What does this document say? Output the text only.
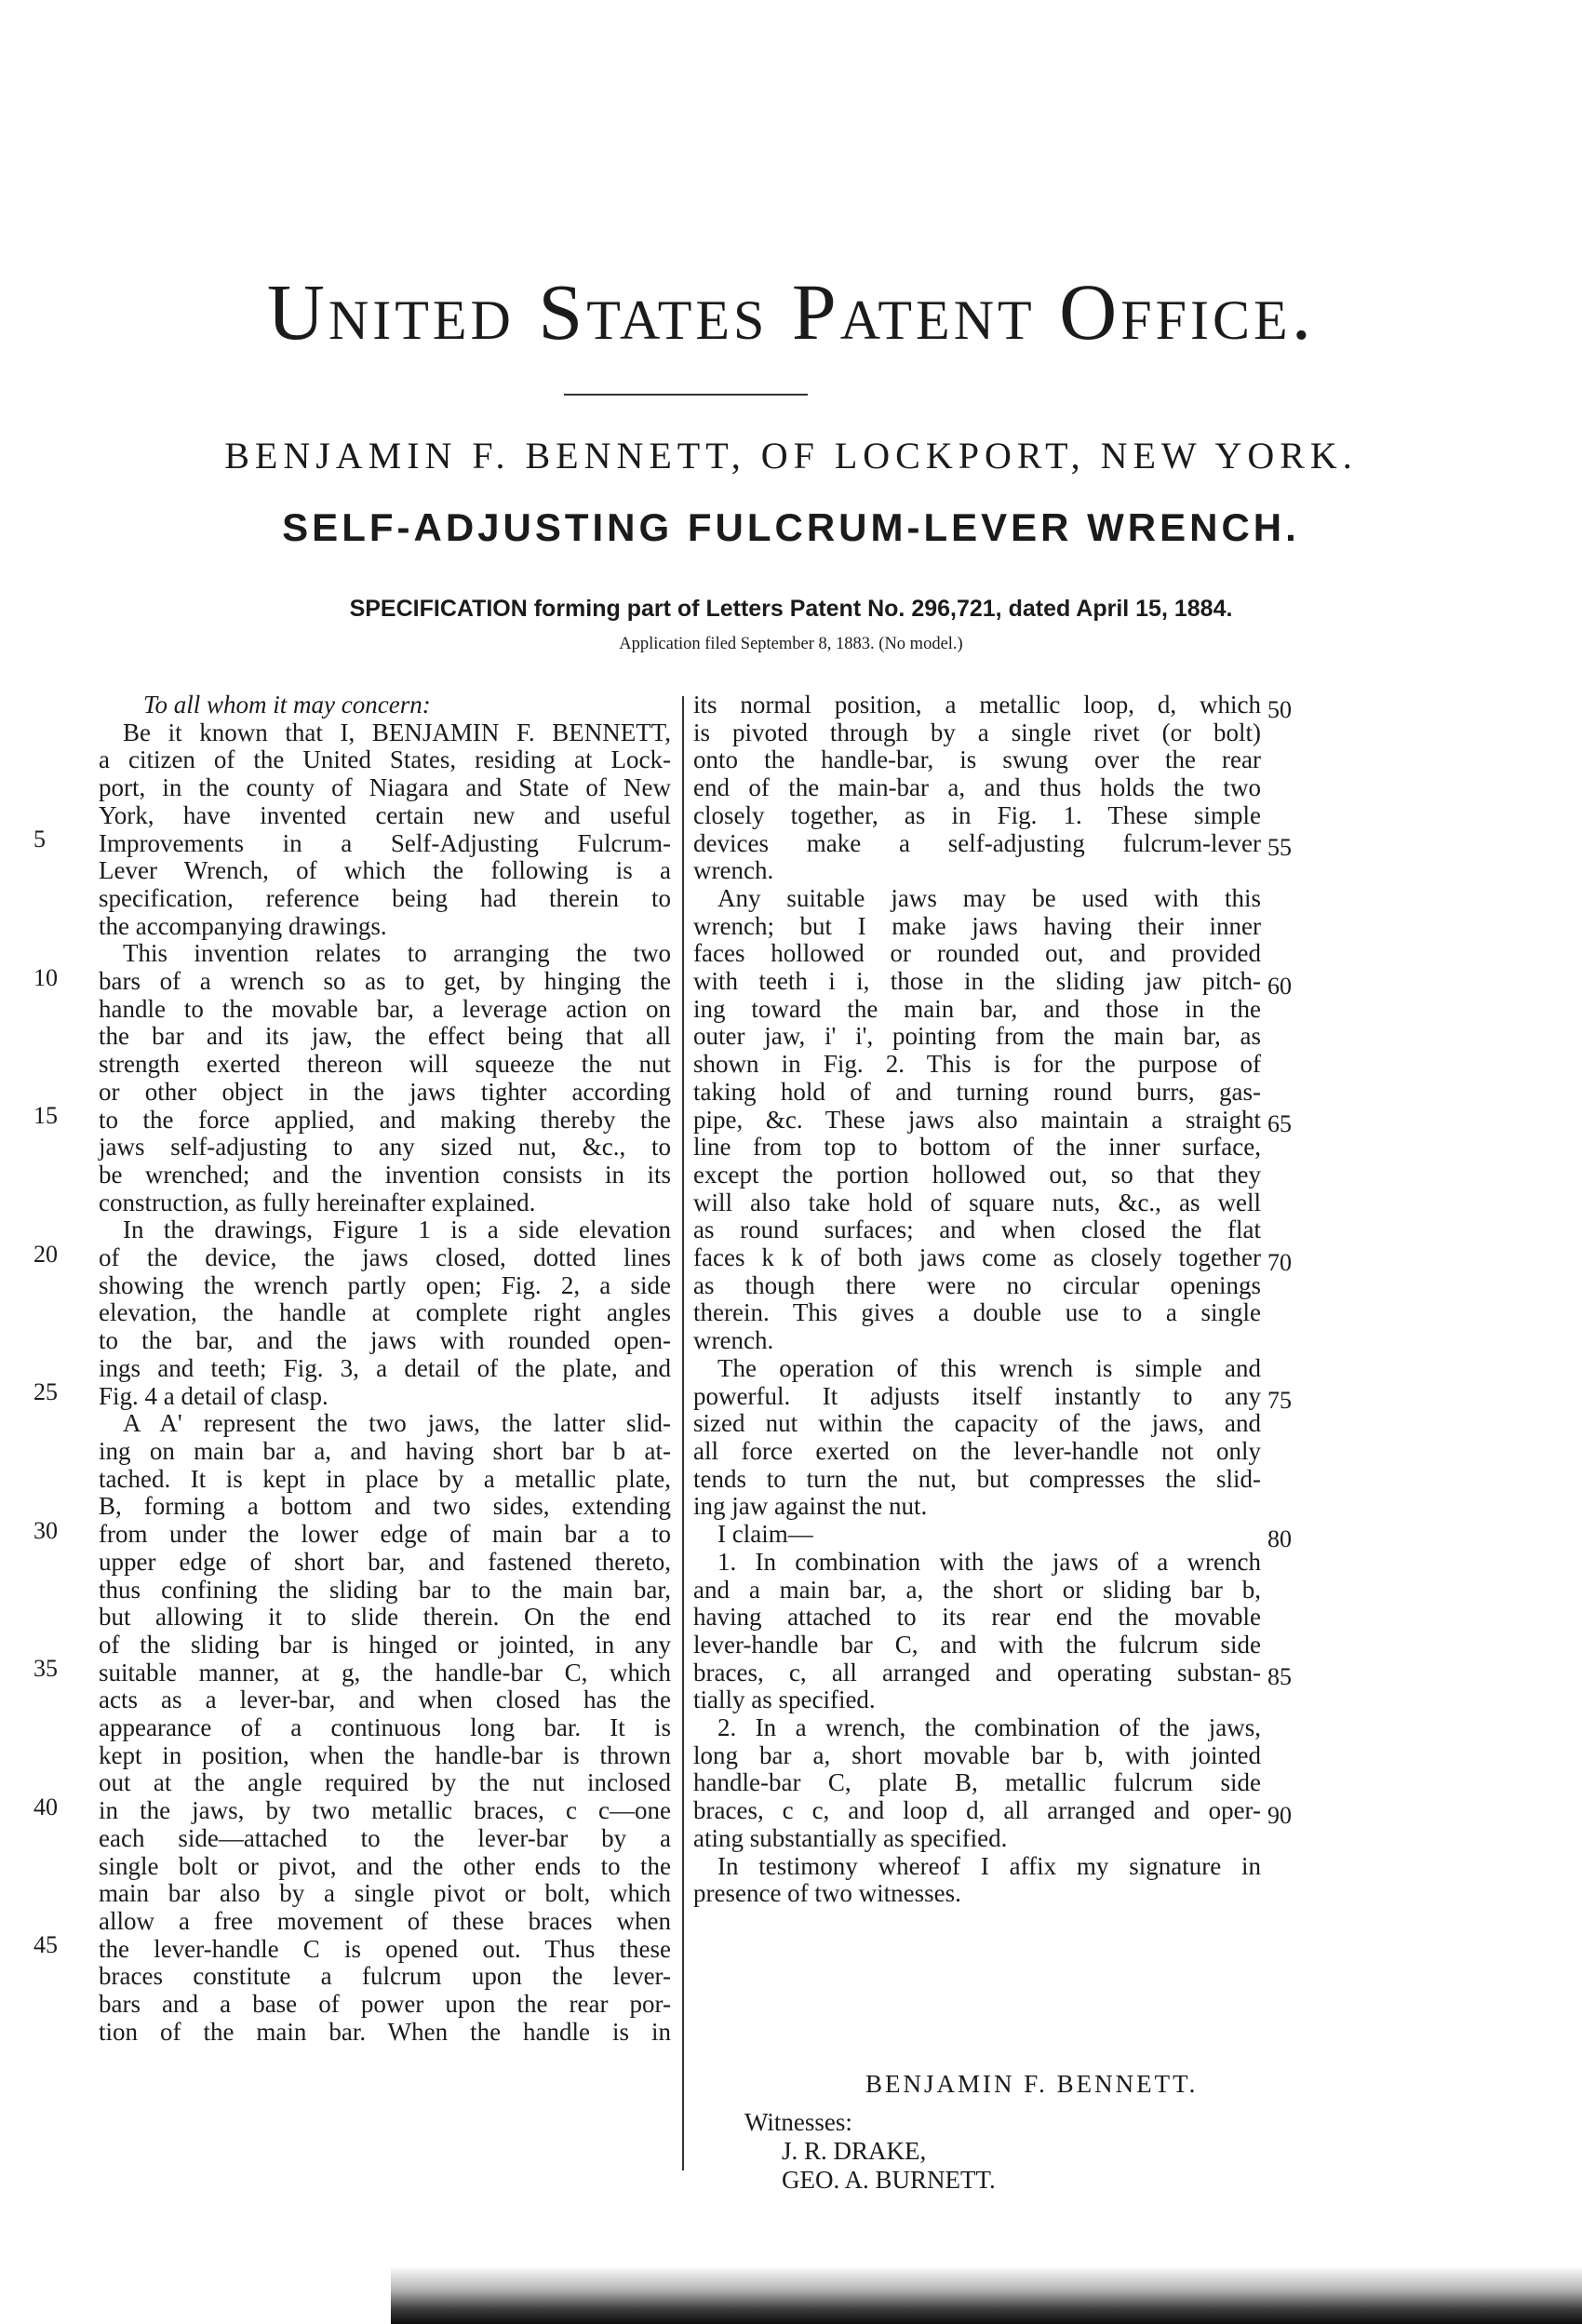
United States Patent Office.
BENJAMIN F. BENNETT, OF LOCKPORT, NEW YORK.
SELF-ADJUSTING FULCRUM-LEVER WRENCH.
SPECIFICATION forming part of Letters Patent No. 296,721, dated April 15, 1884.
Application filed September 8, 1883. (No model.)
To all whom it may concern:
Be it known that I, BENJAMIN F. BENNETT,
a citizen of the United States, residing at Lock-
port, in the county of Niagara and State of New
York, have invented certain new and useful
Improvements in a Self-Adjusting Fulcrum-
Lever Wrench, of which the following is a
specification, reference being had therein to
the accompanying drawings.
This invention relates to arranging the two
bars of a wrench so as to get, by hinging the
handle to the movable bar, a leverage action on
the bar and its jaw, the effect being that all
strength exerted thereon will squeeze the nut
or other object in the jaws tighter according
to the force applied, and making thereby the
jaws self-adjusting to any sized nut, &c., to
be wrenched; and the invention consists in its
construction, as fully hereinafter explained.
In the drawings, Figure 1 is a side elevation
of the device, the jaws closed, dotted lines
showing the wrench partly open; Fig. 2, a side
elevation, the handle at complete right angles
to the bar, and the jaws with rounded open-
ings and teeth; Fig. 3, a detail of the plate, and
Fig. 4 a detail of clasp.
A A' represent the two jaws, the latter slid-
ing on main bar a, and having short bar b at-
tached. It is kept in place by a metallic plate,
B, forming a bottom and two sides, extending
from under the lower edge of main bar a to
upper edge of short bar, and fastened thereto,
thus confining the sliding bar to the main bar,
but allowing it to slide therein. On the end
of the sliding bar is hinged or jointed, in any
suitable manner, at g, the handle-bar C, which
acts as a lever-bar, and when closed has the
appearance of a continuous long bar. It is
kept in position, when the handle-bar is thrown
out at the angle required by the nut inclosed
in the jaws, by two metallic braces, c c—one
each side—attached to the lever-bar by a
single bolt or pivot, and the other ends to the
main bar also by a single pivot or bolt, which
allow a free movement of these braces when
the lever-handle C is opened out. Thus these
braces constitute a fulcrum upon the lever-
bars and a base of power upon the rear por-
tion of the main bar. When the handle is in
5
10
15
20
25
30
35
40
45
its normal position, a metallic loop, d, which
is pivoted through by a single rivet (or bolt)
onto the handle-bar, is swung over the rear
end of the main-bar a, and thus holds the two
closely together, as in Fig. 1. These simple
devices make a self-adjusting fulcrum-lever
wrench.
Any suitable jaws may be used with this
wrench; but I make jaws having their inner
faces hollowed or rounded out, and provided
with teeth i i, those in the sliding jaw pitch-
ing toward the main bar, and those in the
outer jaw, i' i', pointing from the main bar, as
shown in Fig. 2. This is for the purpose of
taking hold of and turning round burrs, gas-
pipe, &c. These jaws also maintain a straight
line from top to bottom of the inner surface,
except the portion hollowed out, so that they
will also take hold of square nuts, &c., as well
as round surfaces; and when closed the flat
faces k k of both jaws come as closely together
as though there were no circular openings
therein. This gives a double use to a single
wrench.
The operation of this wrench is simple and
powerful. It adjusts itself instantly to any
sized nut within the capacity of the jaws, and
all force exerted on the lever-handle not only
tends to turn the nut, but compresses the slid-
ing jaw against the nut.
I claim—
1. In combination with the jaws of a wrench
and a main bar, a, the short or sliding bar b,
having attached to its rear end the movable
lever-handle bar C, and with the fulcrum side
braces, c, all arranged and operating substan-
tially as specified.
2. In a wrench, the combination of the jaws,
long bar a, short movable bar b, with jointed
handle-bar C, plate B, metallic fulcrum side
braces, c c, and loop d, all arranged and oper-
ating substantially as specified.
In testimony whereof I affix my signature in
presence of two witnesses.
50
55
60
65
70
75
80
85
90
BENJAMIN F. BENNETT.
Witnesses:
J. R. DRAKE,
GEO. A. BURNETT.
